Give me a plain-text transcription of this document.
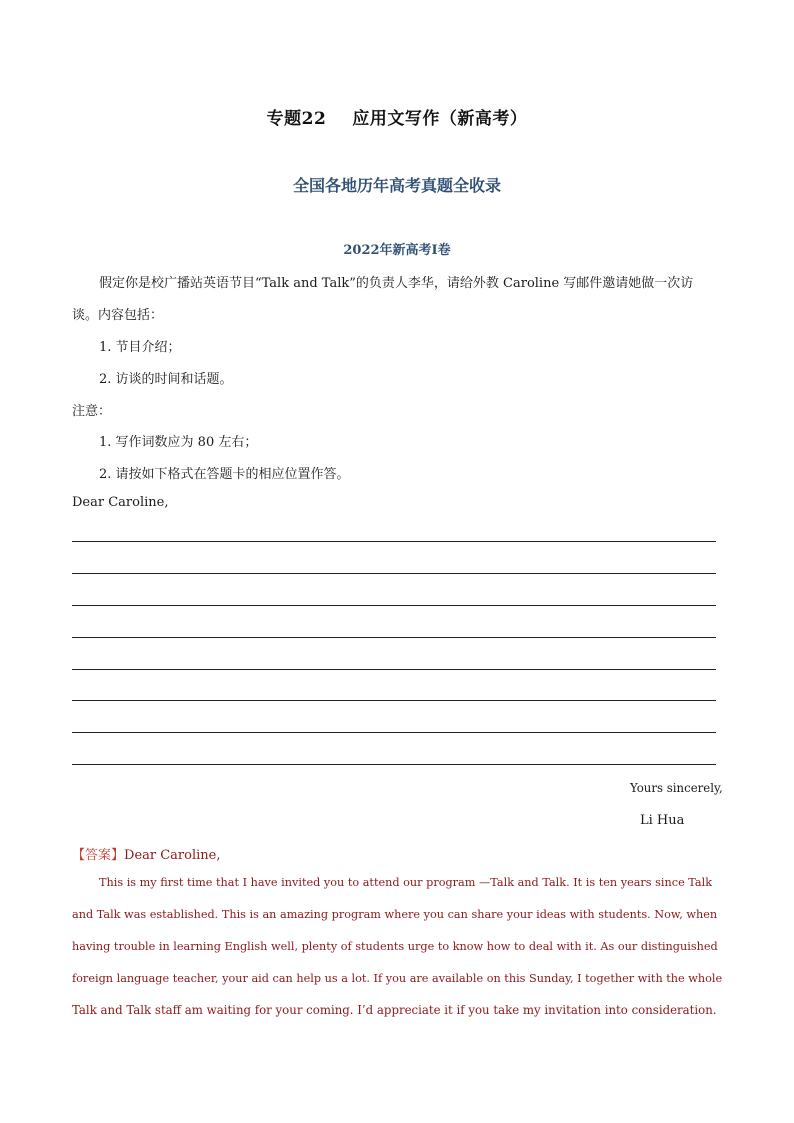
专题22 应用文写作（新高考）
全国各地历年高考真题全收录
2022年新高考I卷
假定你是校广播站英语节目“Talk and Talk”的负责人李华，请给外教 Caroline 写邮件邀请她做一次访
谈。内容包括：
1. 节目介绍；
2. 访谈的时间和话题。
注意：
1. 写作词数应为 80 左右；
2. 请按如下格式在答题卡的相应位置作答。
Dear Caroline,
Yours sincerely,
Li Hua
【答案】Dear Caroline,
This is my first time that I have invited you to attend our program —Talk and Talk. It is ten years since Talk
and Talk was established. This is an amazing program where you can share your ideas with students. Now, when
having trouble in learning English well, plenty of students urge to know how to deal with it. As our distinguished
foreign language teacher, your aid can help us a lot. If you are available on this Sunday, I together with the whole
Talk and Talk staff am waiting for your coming. I’d appreciate it if you take my invitation into consideration.
